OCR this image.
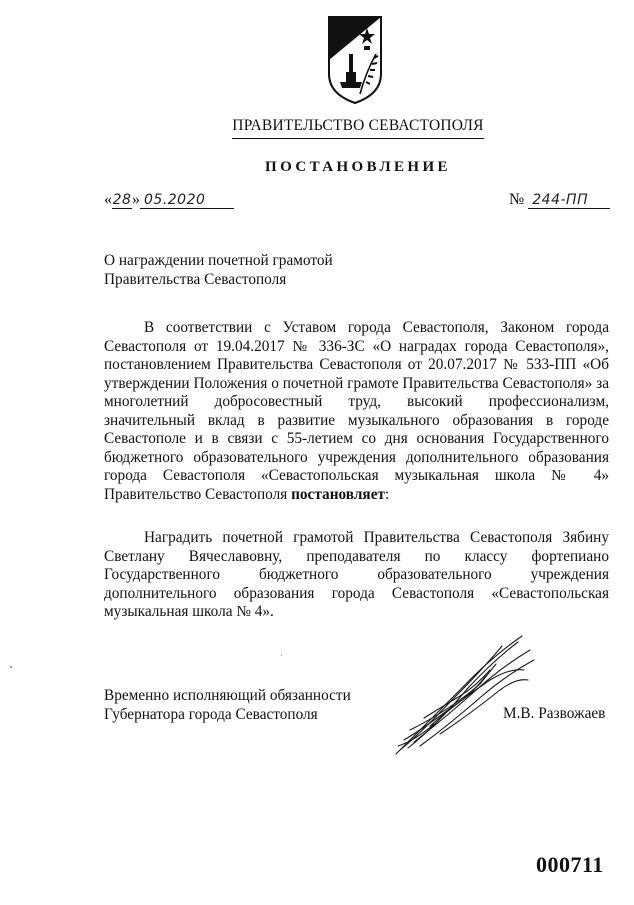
ПРАВИТЕЛЬСТВО СЕВАСТОПОЛЯ
ПОСТАНОВЛЕНИЕ
«28» 05.2020	№ 244-ПП
О награждении почетной грамотой
Правительства Севастополя
В соответствии с Уставом города Севастополя, Законом города Севастополя от 19.04.2017 № 336-ЗС «О наградах города Севастополя», постановлением Правительства Севастополя от 20.07.2017 № 533-ПП «Об утверждении Положения о почетной грамоте Правительства Севастополя» за многолетний добросовестный труд, высокий профессионализм, значительный вклад в развитие музыкального образования в городе Севастополе и в связи с 55-летием со дня основания Государственного бюджетного образовательного учреждения дополнительного образования города Севастополя «Севастопольская музыкальная школа № 4» Правительство Севастополя постановляет:
Наградить почетной грамотой Правительства Севастополя Зябину Светлану Вячеславовну, преподавателя по классу фортепиано Государственного бюджетного образовательного учреждения дополнительного образования города Севастополя «Севастопольская музыкальная школа № 4».
Временно исполняющий обязанности
Губернатора города Севастополя	М.В. Развожаев
000711
